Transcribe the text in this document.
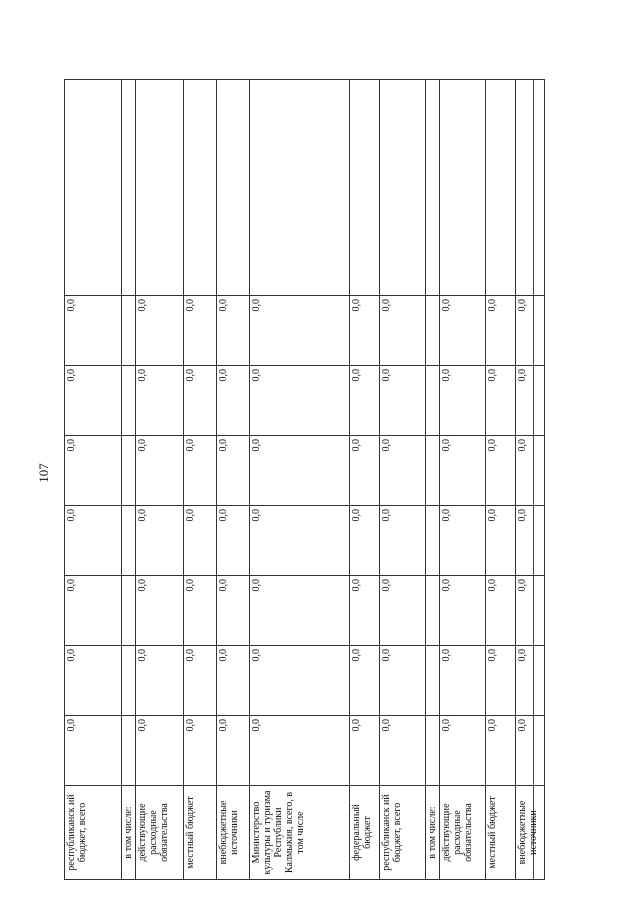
107
республиканск ий бюджет, всего	0,0	0,0	0,0	0,0	0,0	0,0	0,0	
в том числе:								
действующие расходные обязательства	0,0	0,0	0,0	0,0	0,0	0,0	0,0	
местный бюджет	0,0	0,0	0,0	0,0	0,0	0,0	0,0	
внебюджетные источники	0,0	0,0	0,0	0,0	0,0	0,0	0,0	
Министерство культуры и туризма Республики Калмыкия, всего, в том числе	0,0	0,0	0,0	0,0	0,0	0,0	0,0	
федеральный бюджет	0,0	0,0	0,0	0,0	0,0	0,0	0,0	
республиканск ий бюджет, всего	0,0	0,0	0,0	0,0	0,0	0,0	0,0	
в том числе:								
действующие расходные обязательства	0,0	0,0	0,0	0,0	0,0	0,0	0,0	
местный бюджет	0,0	0,0	0,0	0,0	0,0	0,0	0,0	
внебюджетные источники	0,0	0,0	0,0	0,0	0,0	0,0	0,0	
